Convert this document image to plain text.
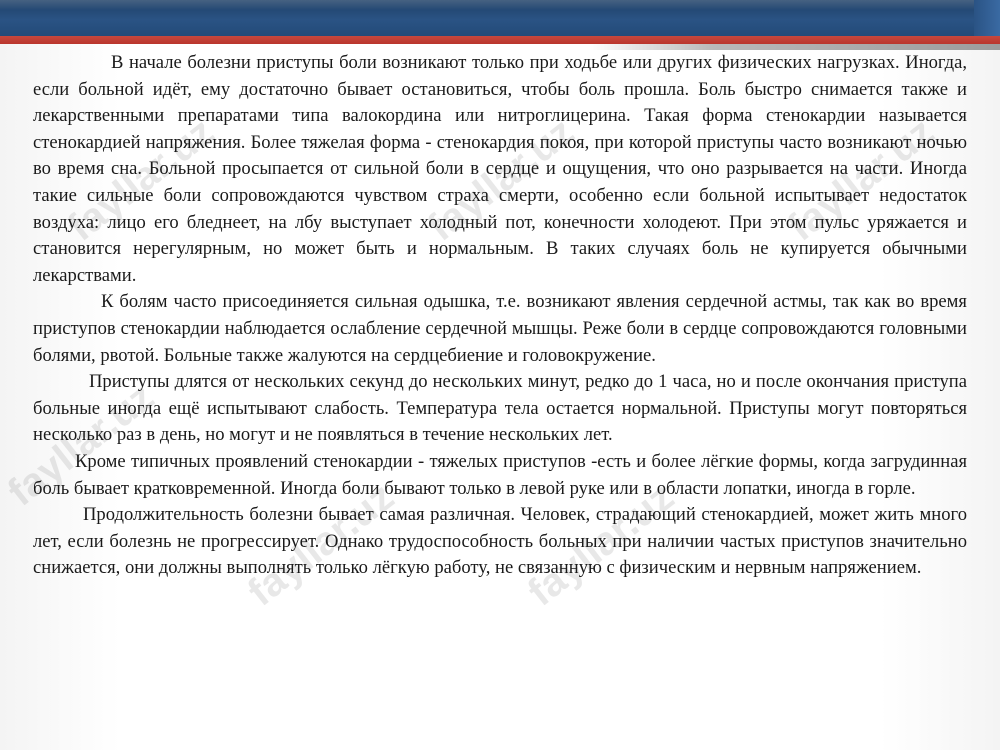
fayllar.uz	fayllar.uz	fayllar.uz
fayllar.uz
fayllar.uz	fayllar.uz

В начале болезни приступы боли возникают только при ходьбе или других физических нагрузках. Иногда, если больной идёт, ему достаточно бывает остановиться, чтобы боль прошла. Боль быстро снимается также и лекарственными препаратами типа валокордина или нитроглицерина. Такая форма стенокардии называется стенокардией напряжения. Более тяжелая форма - стенокардия покоя, при которой приступы часто возникают ночью во время сна. Больной просыпается от сильной боли в сердце и ощущения, что оно разрывается на части. Иногда такие сильные боли сопровождаются чувством страха смерти, особенно если больной испытывает недостаток воздуха: лицо его бледнеет, на лбу выступает холодный пот, конечности холодеют. При этом пульс уряжается и становится нерегулярным, но может быть и нормальным. В таких случаях боль не купируется обычными лекарствами.

К болям часто присоединяется сильная одышка, т.е. возникают явления сердечной астмы, так как во время приступов стенокардии наблюдается ослабление сердечной мышцы. Реже боли в сердце сопровождаются головными болями, рвотой. Больные также жалуются на сердцебиение и головокружение.

Приступы длятся от нескольких секунд до нескольких минут, редко до 1 часа, но и после окончания приступа больные иногда ещё испытывают слабость. Температура тела остается нормальной. Приступы могут повторяться несколько раз в день, но могут и не появляться в течение нескольких лет.

Кроме типичных проявлений стенокардии - тяжелых приступов -есть и более лёгкие формы, когда загрудинная боль бывает кратковременной. Иногда боли бывают только в левой руке или в области лопатки, иногда в горле.

Продолжительность болезни бывает самая различная. Человек, страдающий стенокардией, может жить много лет, если болезнь не прогрессирует. Однако трудоспособность больных при наличии частых приступов значительно снижается, они должны выполнять только лёгкую работу, не связанную с физическим и нервным напряжением.
